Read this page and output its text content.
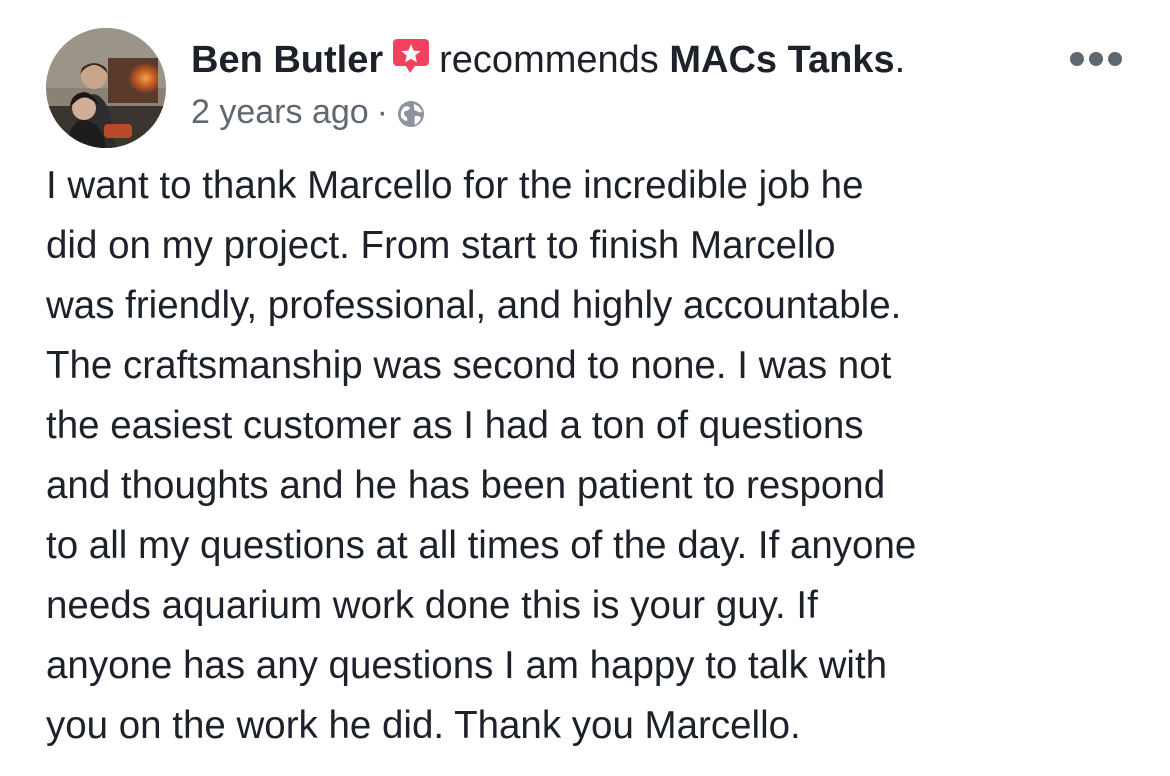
Ben Butler recommends MACs Tanks.
2 years ago ·
I want to thank Marcello for the incredible job he
did on my project. From start to finish Marcello
was friendly, professional, and highly accountable.
The craftsmanship was second to none. I was not
the easiest customer as I had a ton of questions
and thoughts and he has been patient to respond
to all my questions at all times of the day. If anyone
needs aquarium work done this is your guy. If
anyone has any questions I am happy to talk with
you on the work he did. Thank you Marcello.
